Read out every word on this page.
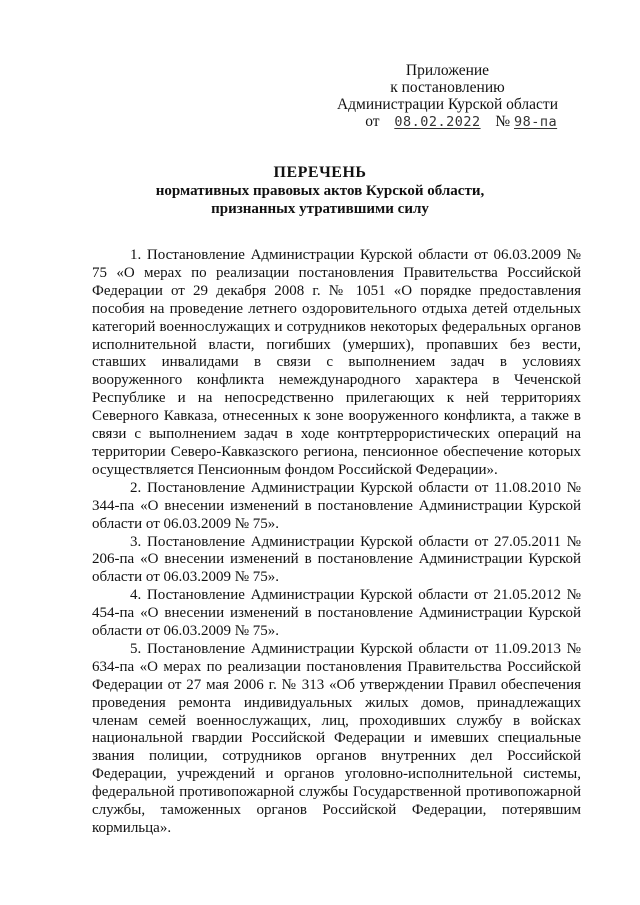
Приложение
к постановлению
Администрации Курской области
от 08.02.2022 № 98-па
ПЕРЕЧЕНЬ
нормативных правовых актов Курской области,
признанных утратившими силу

1. Постановление Администрации Курской области от 06.03.2009 № 75 «О мерах по реализации постановления Правительства Российской Федерации от 29 декабря 2008 г. № 1051 «О порядке предоставления пособия на проведение летнего оздоровительного отдыха детей отдельных категорий военнослужащих и сотрудников некоторых федеральных органов исполнительной власти, погибших (умерших), пропавших без вести, ставших инвалидами в связи с выполнением задач в условиях вооруженного конфликта немеждународного характера в Чеченской Республике и на непосредственно прилегающих к ней территориях Северного Кавказа, отнесенных к зоне вооруженного конфликта, а также в связи с выполнением задач в ходе контртеррористических операций на территории Северо-Кавказского региона, пенсионное обеспечение которых осуществляется Пенсионным фондом Российской Федерации».

2. Постановление Администрации Курской области от 11.08.2010 № 344-па «О внесении изменений в постановление Администрации Курской области от 06.03.2009 № 75».

3. Постановление Администрации Курской области от 27.05.2011 № 206-па «О внесении изменений в постановление Администрации Курской области от 06.03.2009 № 75».

4. Постановление Администрации Курской области от 21.05.2012 № 454-па «О внесении изменений в постановление Администрации Курской области от 06.03.2009 № 75».

5. Постановление Администрации Курской области от 11.09.2013 № 634-па «О мерах по реализации постановления Правительства Российской Федерации от 27 мая 2006 г. № 313 «Об утверждении Правил обеспечения проведения ремонта индивидуальных жилых домов, принадлежащих членам семей военнослужащих, лиц, проходивших службу в войсках национальной гвардии Российской Федерации и имевших специальные звания полиции, сотрудников органов внутренних дел Российской Федерации, учреждений и органов уголовно-исполнительной системы, федеральной противопожарной службы Государственной противопожарной службы, таможенных органов Российской Федерации, потерявшим кормильца».
